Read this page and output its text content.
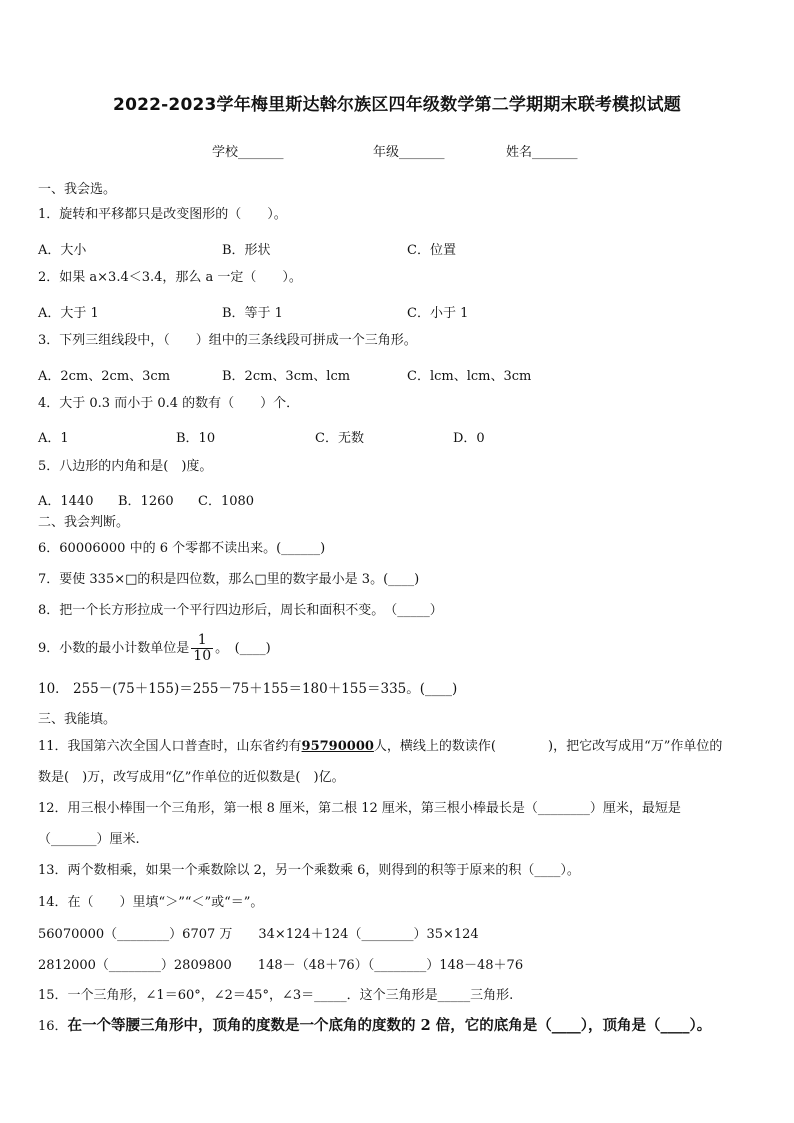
2022-2023学年梅里斯达斡尔族区四年级数学第二学期期末联考模拟试题
学校_______	年级_______	姓名_______
一、我会选。
1．旋转和平移都只是改变图形的（　　）。
A．大小	B．形状	C．位置
2．如果 a×3.4＜3.4，那么 a 一定（　　）。
A．大于 1	B．等于 1	C．小于 1
3．下列三组线段中，（　　）组中的三条线段可拼成一个三角形。
A．2cm、2cm、3cm	B．2cm、3cm、lcm	C．lcm、lcm、3cm
4．大于 0.3 而小于 0.4 的数有（　　）个．
A．1	B．10	C．无数	D．0
5．八边形的内角和是(　)度。
A．1440 B．1260 C．1080
二、我会判断。
6．60006000 中的 6 个零都不读出来。(______)
7．要使 335×□的积是四位数，那么□里的数字最小是 3。(____)
8．把一个长方形拉成一个平行四边形后，周长和面积不变。　（_____）
9．小数的最小计数单位是 $\frac{1}{10}$ 。　(____)
10． 255－(75＋155)＝255－75＋155＝180＋155＝335。(____)
三、我能填。
11．我国第六次全国人口普查时，山东省约有95790000人，横线上的数读作(　　　　)，把它改写成用“万”作单位的
数是(　)万，改写成用“亿”作单位的近似数是(　)亿。
12．用三根小棒围一个三角形，第一根 8 厘米，第二根 12 厘米，第三根小棒最长是（________）厘米，最短是
（_______）厘米.
13．两个数相乘，如果一个乘数除以 2，另一个乘数乘 6，则得到的积等于原来的积（____）。
14．在（　　）里填“＞”“＜”或“＝”。
56070000（________）6707 万　　34×124＋124（________）35×124
2812000（________）2809800　　148－（48＋76）（________）148－48＋76
15．一个三角形，∠1＝60°，∠2＝45°，∠3＝_____．这个三角形是_____三角形.
16．在一个等腰三角形中，顶角的度数是一个底角的度数的 2 倍，它的底角是（____），顶角是（____）。
